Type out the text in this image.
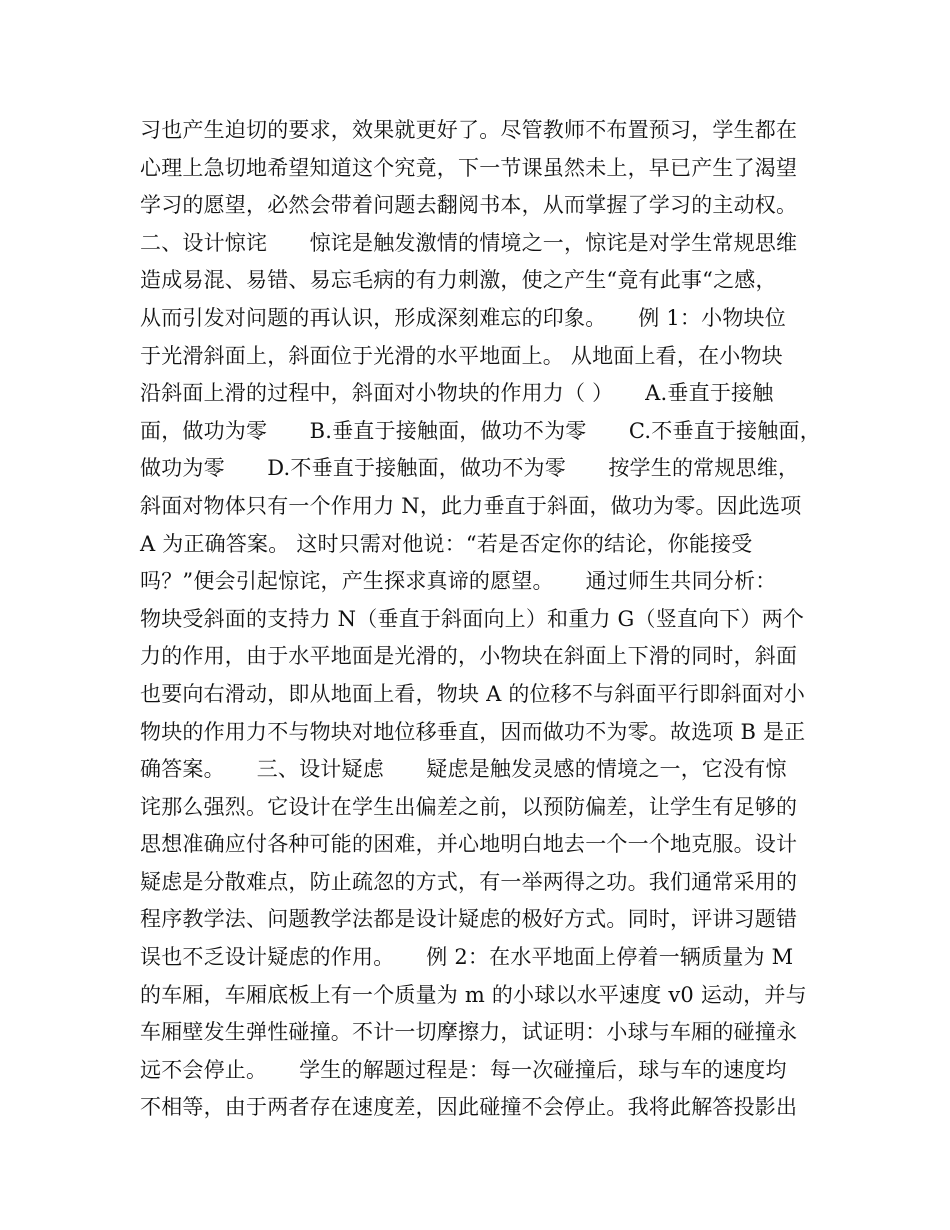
习也产生迫切的要求，效果就更好了。尽管教师不布置预习，学生都在
心理上急切地希望知道这个究竟，下一节课虽然未上，早已产生了渴望
学习的愿望，必然会带着问题去翻阅书本，从而掌握了学习的主动权。
二、设计惊诧　　惊诧是触发激情的情境之一，惊诧是对学生常规思维
造成易混、易错、易忘毛病的有力刺激，使之产生“竟有此事“之感，
从而引发对问题的再认识，形成深刻难忘的印象。　　例 1：小物块位
于光滑斜面上，斜面位于光滑的水平地面上。 从地面上看，在小物块
沿斜面上滑的过程中，斜面对小物块的作用力（ ）　　A.垂直于接触
面，做功为零　　B.垂直于接触面，做功不为零　　C.不垂直于接触面，
做功为零　　D.不垂直于接触面，做功不为零　　按学生的常规思维，
斜面对物体只有一个作用力 N，此力垂直于斜面，做功为零。因此选项
A 为正确答案。 这时只需对他说：“若是否定你的结论，你能接受
吗？”便会引起惊诧，产生探求真谛的愿望。　　通过师生共同分析：
物块受斜面的支持力 N（垂直于斜面向上）和重力 G（竖直向下）两个
力的作用，由于水平地面是光滑的，小物块在斜面上下滑的同时，斜面
也要向右滑动，即从地面上看，物块 A 的位移不与斜面平行即斜面对小
物块的作用力不与物块对地位移垂直，因而做功不为零。故选项 B 是正
确答案。　　三、设计疑虑　　疑虑是触发灵感的情境之一，它没有惊
诧那么强烈。它设计在学生出偏差之前，以预防偏差，让学生有足够的
思想准确应付各种可能的困难，并心地明白地去一个一个地克服。设计
疑虑是分散难点，防止疏忽的方式，有一举两得之功。我们通常采用的
程序教学法、问题教学法都是设计疑虑的极好方式。同时，评讲习题错
误也不乏设计疑虑的作用。　　例 2：在水平地面上停着一辆质量为 M
的车厢，车厢底板上有一个质量为 m 的小球以水平速度 v0 运动，并与
车厢壁发生弹性碰撞。不计一切摩擦力，试证明：小球与车厢的碰撞永
远不会停止。　　学生的解题过程是：每一次碰撞后，球与车的速度均
不相等，由于两者存在速度差，因此碰撞不会停止。我将此解答投影出
